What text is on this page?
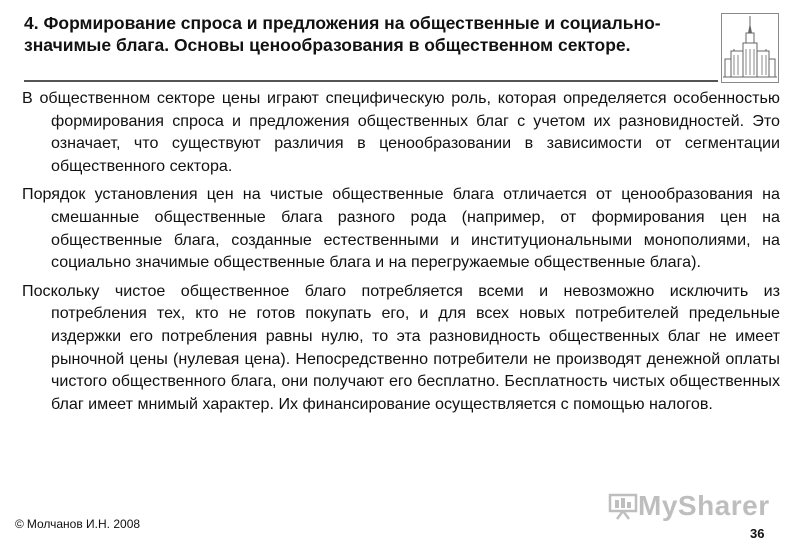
4. Формирование спроса и предложения на общественные и социально-значимые блага. Основы ценообразования в общественном секторе.

В общественном секторе цены играют специфическую роль, которая определяется особенностью формирования спроса и предложения общественных благ с учетом их разновидностей. Это означает, что существуют различия в ценообразовании в зависимости от сегментации общественного сектора.

Порядок установления цен на чистые общественные блага отличается от ценообразования на смешанные общественные блага разного рода (например, от формирования цен на общественные блага, созданные естественными и институциональными монополиями, на социально значимые общественные блага и на перегружаемые общественные блага).

Поскольку чистое общественное благо потребляется всеми и невозможно исключить из потребления тех, кто не готов покупать его, и для всех новых потребителей предельные издержки его потребления равны нулю, то эта разновидность общественных благ не имеет рыночной цены (нулевая цена). Непосредственно потребители не производят денежной оплаты чистого общественного блага, они получают его бесплатно. Бесплатность чистых общественных благ имеет мнимый характер. Их финансирование осуществляется с помощью налогов.

MySharer
© Молчанов И.Н. 2008
36
